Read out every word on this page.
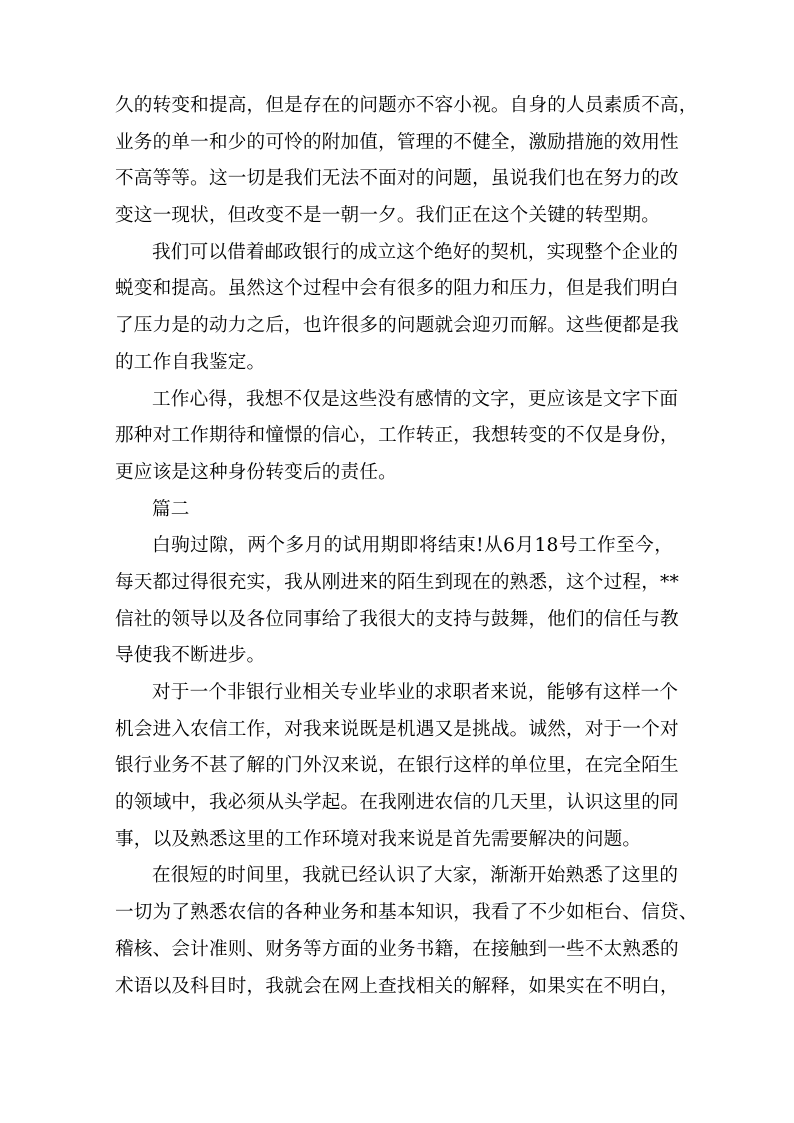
久的转变和提高，但是存在的问题亦不容小视。自身的人员素质不高，
业务的单一和少的可怜的附加值，管理的不健全，激励措施的效用性
不高等等。这一切是我们无法不面对的问题，虽说我们也在努力的改
变这一现状，但改变不是一朝一夕。我们正在这个关键的转型期。
我们可以借着邮政银行的成立这个绝好的契机，实现整个企业的
蜕变和提高。虽然这个过程中会有很多的阻力和压力，但是我们明白
了压力是的动力之后，也许很多的问题就会迎刃而解。这些便都是我
的工作自我鉴定。
工作心得，我想不仅是这些没有感情的文字，更应该是文字下面
那种对工作期待和憧憬的信心，工作转正，我想转变的不仅是身份，
更应该是这种身份转变后的责任。
篇二
白驹过隙，两个多月的试用期即将结束!从6月18号工作至今，
每天都过得很充实，我从刚进来的陌生到现在的熟悉，这个过程，**
信社的领导以及各位同事给了我很大的支持与鼓舞，他们的信任与教
导使我不断进步。
对于一个非银行业相关专业毕业的求职者来说，能够有这样一个
机会进入农信工作，对我来说既是机遇又是挑战。诚然，对于一个对
银行业务不甚了解的门外汉来说，在银行这样的单位里，在完全陌生
的领域中，我必须从头学起。在我刚进农信的几天里，认识这里的同
事，以及熟悉这里的工作环境对我来说是首先需要解决的问题。
在很短的时间里，我就已经认识了大家，渐渐开始熟悉了这里的
一切为了熟悉农信的各种业务和基本知识，我看了不少如柜台、信贷、
稽核、会计准则、财务等方面的业务书籍，在接触到一些不太熟悉的
术语以及科目时，我就会在网上查找相关的解释，如果实在不明白，
